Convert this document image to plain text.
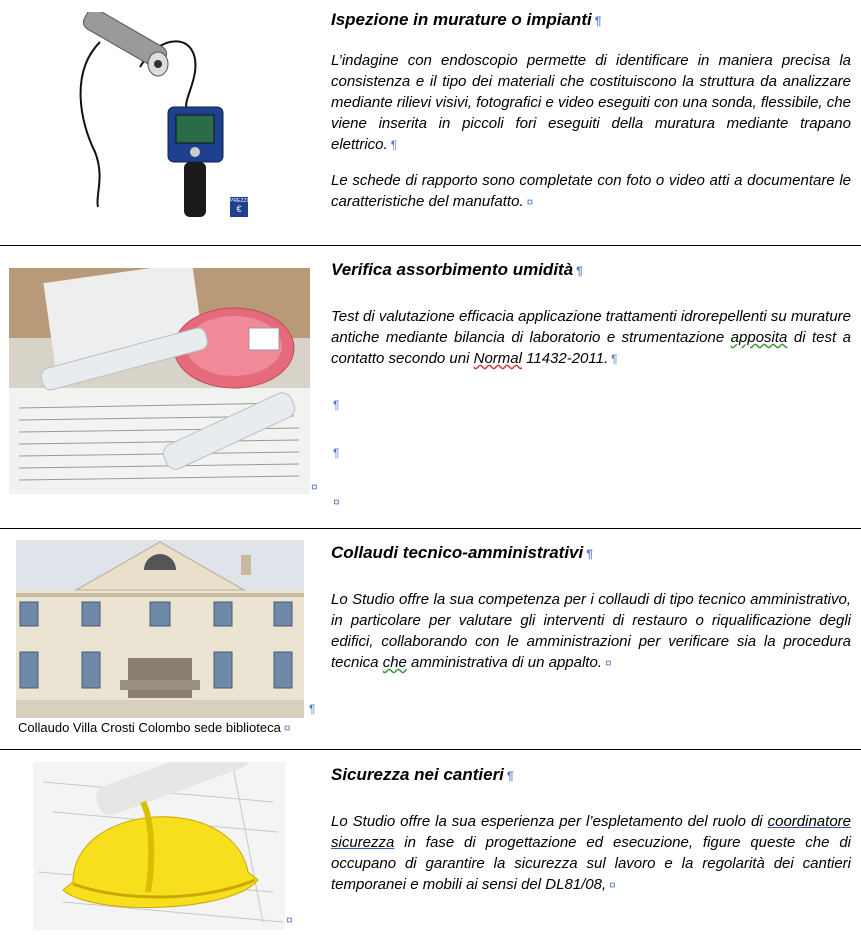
PREZZI
€
Ispezione in murature o impianti ¶
L’indagine con endoscopio permette di identificare in maniera precisa la consistenza e il tipo dei materiali che costituiscono la struttura da analizzare mediante rilievi visivi, fotografici e video eseguiti con una sonda, flessibile, che viene inserita in piccoli fori eseguiti della muratura mediante trapano elettrico. ¶
Le schede di rapporto sono completate con foto o video atti a documentare le caratteristiche del manufatto. ¤
¤
Verifica assorbimento umidità ¶
Test di valutazione efficacia applicazione trattamenti idrorepellenti su murature antiche mediante bilancia di laboratorio e strumentazione apposita di test a contatto secondo uni Normal 11432-2011. ¶
¶
¶
¤
¶
Collaudo Villa Crosti Colombo sede biblioteca ¤
Collaudi tecnico-amministrativi ¶
Lo Studio offre la sua competenza per i collaudi di tipo tecnico amministrativo, in particolare per valutare gli interventi di restauro o riqualificazione degli edifici, collaborando con le amministrazioni per verificare sia la procedura tecnica che amministrativa di un appalto. ¤
¤
Sicurezza nei cantieri ¶
Lo Studio offre la sua esperienza per l’espletamento del ruolo di coordinatore sicurezza in fase di progettazione ed esecuzione, figure queste che di occupano di garantire la sicurezza sul lavoro e la regolarità dei cantieri temporanei e mobili ai sensi del DL81/08, ¤
